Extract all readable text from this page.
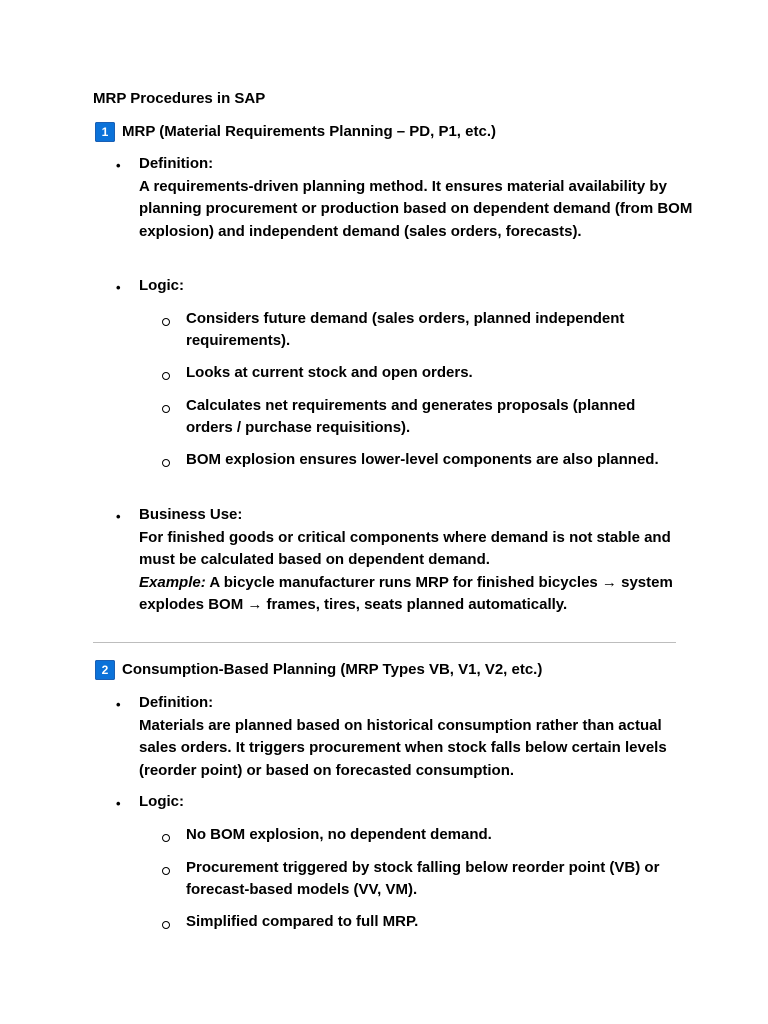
MRP Procedures in SAP
1 MRP (Material Requirements Planning – PD, P1, etc.)
• Definition:

A requirements-driven planning method. It ensures material availability by planning procurement or production based on dependent demand (from BOM explosion) and independent demand (sales orders, forecasts).

• Logic:
Considers future demand (sales orders, planned independent requirements).
Looks at current stock and open orders.
Calculates net requirements and generates proposals (planned orders / purchase requisitions).
BOM explosion ensures lower-level components are also planned.
• Business Use:

For finished goods or critical components where demand is not stable and must be calculated based on dependent demand.

Example: A bicycle manufacturer runs MRP for finished bicycles → system explodes BOM → frames, tires, seats planned automatically.

2 Consumption-Based Planning (MRP Types VB, V1, V2, etc.)
• Definition:

Materials are planned based on historical consumption rather than actual sales orders. It triggers procurement when stock falls below certain levels (reorder point) or based on forecasted consumption.

• Logic:
No BOM explosion, no dependent demand.
Procurement triggered by stock falling below reorder point (VB) or forecast-based models (VV, VM).
Simplified compared to full MRP.
